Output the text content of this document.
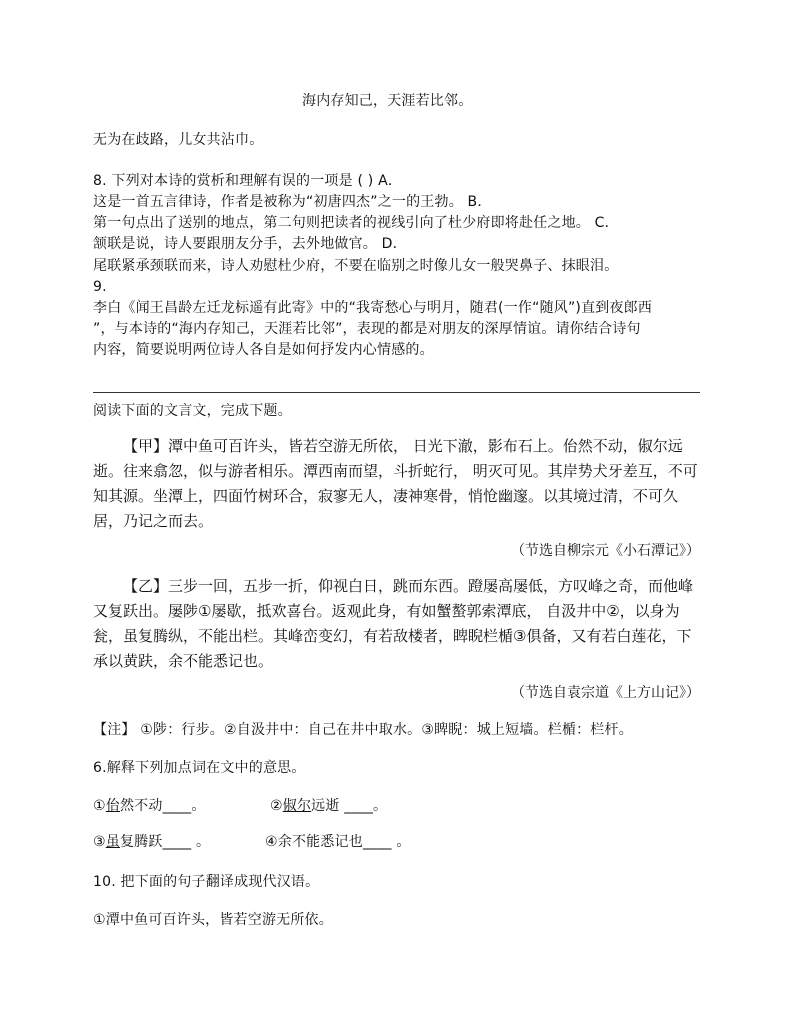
海内存知己，天涯若比邻。
无为在歧路，儿女共沾巾。
8. 下列对本诗的赏析和理解有误的一项是 ( ) A．
这是一首五言律诗，作者是被称为“初唐四杰”之一的王勃。 B．
第一句点出了送别的地点，第二句则把读者的视线引向了杜少府即将赴任之地。 C．
颔联是说，诗人要跟朋友分手，去外地做官。 D．
尾联紧承颈联而来，诗人劝慰杜少府，不要在临别之时像儿女一般哭鼻子、抹眼泪。
9.
李白《闻王昌龄左迁龙标遥有此寄》中的“我寄愁心与明月，随君(一作“随风”)直到夜郎西
”，与本诗的“海内存知己，天涯若比邻”，表现的都是对朋友的深厚情谊。请你结合诗句
内容，简要说明两位诗人各自是如何抒发内心情感的。
阅读下面的文言文，完成下题。
【甲】潭中鱼可百许头，皆若空游无所依， 日光下澈，影布石上。佁然不动，俶尔远逝。往来翕忽，似与游者相乐。潭西南而望，斗折蛇行， 明灭可见。其岸势犬牙差互，不可知其源。坐潭上，四面竹树环合，寂寥无人，凄神寒骨，悄怆幽邃。以其境过清，不可久居，乃记之而去。
（节选自柳宗元《小石潭记》）
【乙】三步一回，五步一折，仰视白日，跳而东西。蹬屡高屡低，方叹峰之奇，而他峰又复跃出。屡陟①屡歇，抵欢喜台。返观此身，有如蟹螯郭索潭底， 自汲井中②，以身为瓮，虽复腾纵，不能出栏。其峰峦变幻，有若敌楼者，睥睨栏楯③俱备，又有若白莲花，下承以黄趺，余不能悉记也。
（节选自袁宗道《上方山记》）
【注】 ①陟：行步。②自汲井中：自己在井中取水。③睥睨：城上短墙。栏楯：栏杆。
6.解释下列加点词在文中的意思。
①佁然不动____。	②俶尔远逝 ____。
③虽复腾跃____ 。	④余不能悉记也____ 。
10. 把下面的句子翻译成现代汉语。
①潭中鱼可百许头，皆若空游无所依。
